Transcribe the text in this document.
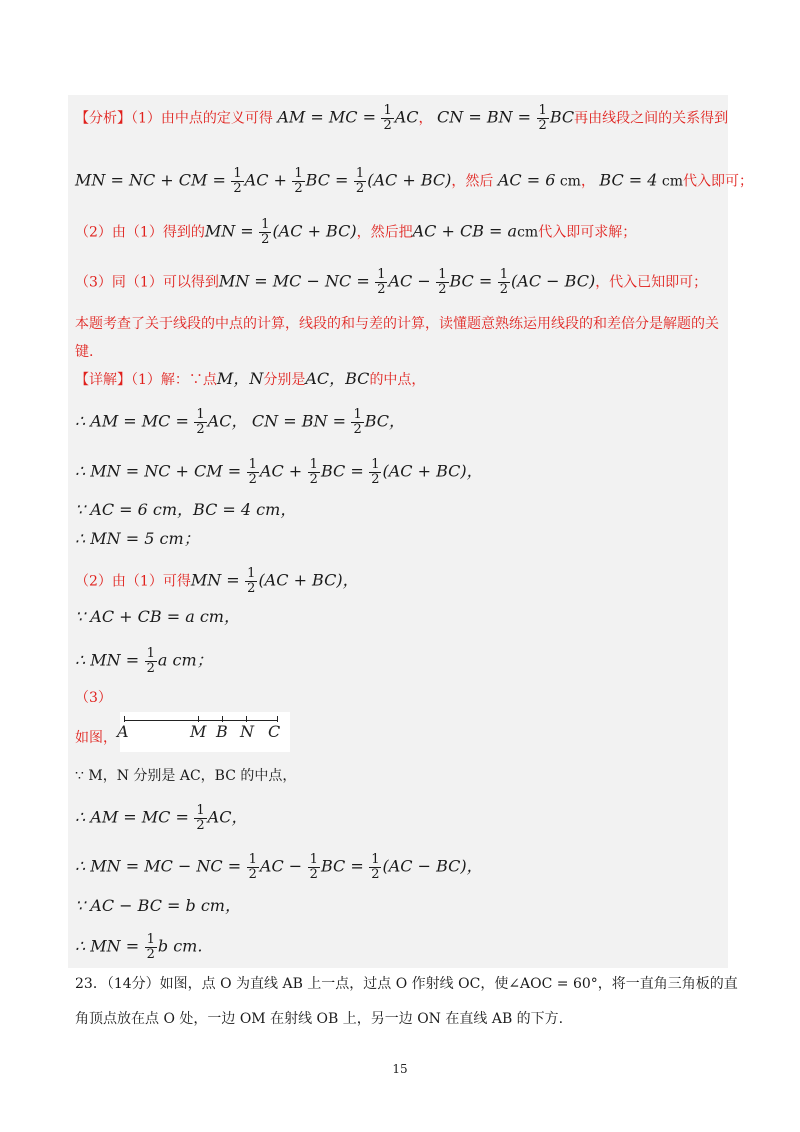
【分析】（1）由中点的定义可得 AM = MC = $\frac{1}{2}$ AC， CN = BN = $\frac{1}{2}$ BC再由线段之间的关系得到
MN = NC + CM = $\frac{1}{2}$ AC + $\frac{1}{2}$ BC = $\frac{1}{2} (AC + BC)$，然后 AC = 6 cm， BC = 4 cm代入即可；
（2）由（1）得到的MN = $\frac{1}{2} (AC + BC)$，然后把AC + CB = acm代入即可求解；
（3）同（1）可以得到MN = MC − NC = $\frac{1}{2}$ AC − $\frac{1}{2}$ BC = $\frac{1}{2} (AC - BC)$，代入已知即可；
本题考查了关于线段的中点的计算，线段的和与差的计算，读懂题意熟练运用线段的和差倍分是解题的关
键.
【详解】（1）解：∵点M，N分别是AC，BC的中点，
∴ AM = MC = $\frac{1}{2}$ AC， CN = BN = $\frac{1}{2}$ BC，
∴ MN = NC + CM = $\frac{1}{2}$ AC + $\frac{1}{2}$ BC = $\frac{1}{2} (AC + BC)$，
∵ AC = 6 cm，BC = 4 cm，
∴ MN = 5 cm；
（2）由（1）可得MN = $\frac{1}{2} (AC + BC)$，
∵ AC + CB = a cm，
∴ MN = $\frac{1}{2}$ a cm；
（3）
如图， A	M B N C
∵ M，N 分别是 AC，BC 的中点，
∴ AM = MC = $\frac{1}{2}$ AC，
∴ MN = MC − NC = $\frac{1}{2}$ AC − $\frac{1}{2}$ BC = $\frac{1}{2} (AC - BC)$，
∵ AC − BC = b cm，
∴ MN = $\frac{1}{2}$ b cm.
23．（14分）如图，点 O 为直线 AB 上一点，过点 O 作射线 OC，使∠AOC = 60°，将一直角三角板的直
角顶点放在点 O 处，一边 OM 在射线 OB 上，另一边 ON 在直线 AB 的下方.
15
